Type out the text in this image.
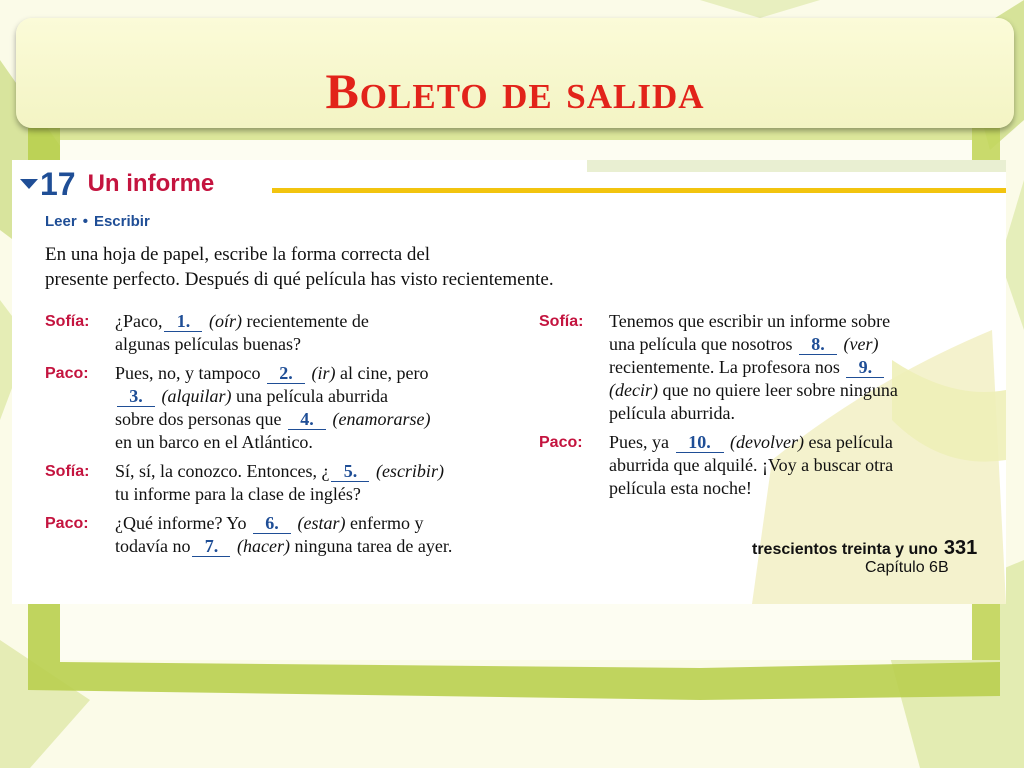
Boleto de salida
17 Un informe
Leer • Escribir
En una hoja de papel, escribe la forma correcta del
presente perfecto. Después di qué película has visto recientemente.
Sofía: ¿Paco, 1. (oír) recientemente de
algunas películas buenas?
Paco: Pues, no, y tampoco 2. (ir) al cine, pero
3. (alquilar) una película aburrida
sobre dos personas que 4. (enamorarse)
en un barco en el Atlántico.
Sofía: Sí, sí, la conozco. Entonces, ¿ 5. (escribir)
tu informe para la clase de inglés?
Paco: ¿Qué informe? Yo 6. (estar) enfermo y
todavía no 7. (hacer) ninguna tarea de ayer.
Sofía: Tenemos que escribir un informe sobre
una película que nosotros 8. (ver)
recientemente. La profesora nos 9.
(decir) que no quiere leer sobre ninguna
película aburrida.
Paco: Pues, ya 10. (devolver) esa película
aburrida que alquilé. ¡Voy a buscar otra
película esta noche!
trescientos treinta y uno 331
Capítulo 6B
